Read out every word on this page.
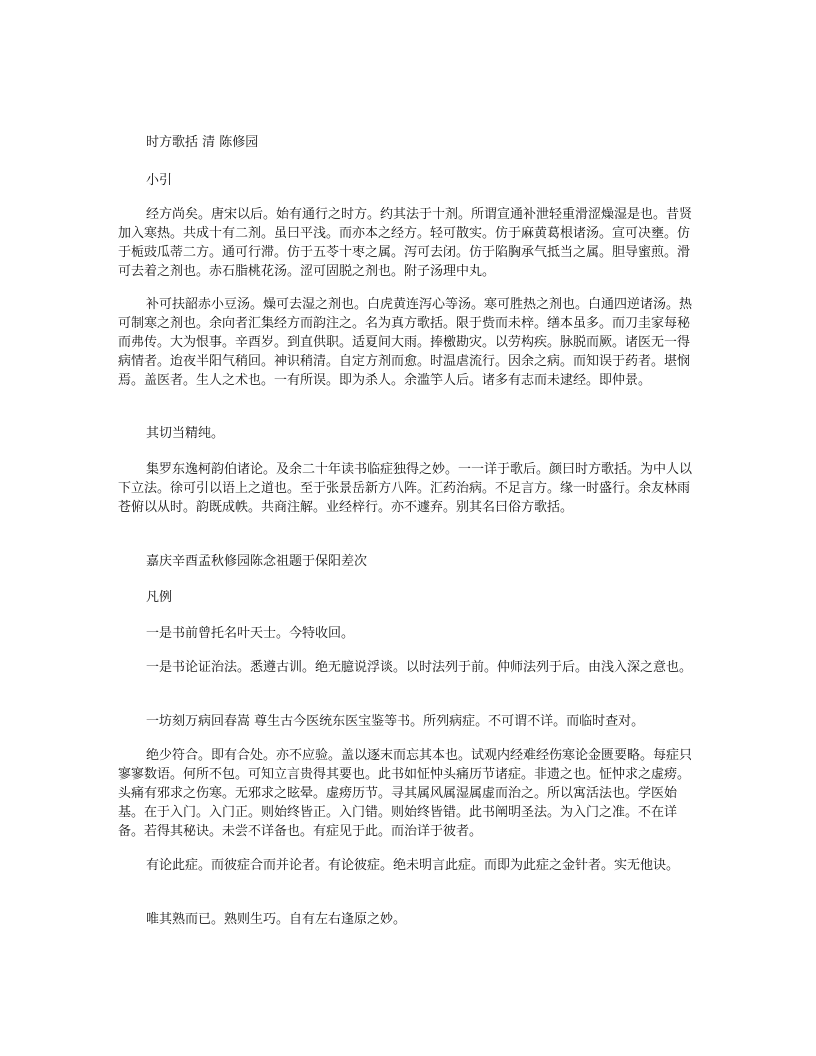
时方歌括 清 陈修园

小引

经方尚矣。唐宋以后。始有通行之时方。约其法于十剂。所谓宣通补泄轻重滑涩燥湿是也。昔贤加入寒热。共成十有二剂。虽曰平浅。而亦本之经方。轻可散实。仿于麻黄葛根诸汤。宣可决壅。仿于栀豉瓜蒂二方。通可行滞。仿于五苓十枣之属。泻可去闭。仿于陷胸承气抵当之属。胆导蜜煎。滑可去着之剂也。赤石脂桃花汤。涩可固脱之剂也。附子汤理中丸。

补可扶韶赤小豆汤。燥可去湿之剂也。白虎黄连泻心等汤。寒可胜热之剂也。白通四逆诸汤。热可制寒之剂也。余向者汇集经方而韵注之。名为真方歌括。限于赀而未梓。缮本虽多。而刀圭家每秘而弗传。大为恨事。辛酉岁。到直供职。适夏间大雨。捧檄勘灾。以劳构疾。脉脱而厥。诸医无一得病情者。迨夜半阳气稍回。神识稍清。自定方剂而愈。时温虐流行。因余之病。而知误于药者。堪悯焉。盖医者。生人之术也。一有所误。即为杀人。余滥竽人后。诸多有志而未逮经。即仲景。

其切当精纯。

集罗东逸柯韵伯诸论。及余二十年读书临症独得之妙。一一详于歌后。颜曰时方歌括。为中人以下立法。徐可引以语上之道也。至于张景岳新方八阵。汇药治病。不足言方。缘一时盛行。余友林雨苍俯以从时。韵既成帙。共商注解。业经梓行。亦不遽弃。别其名曰俗方歌括。

嘉庆辛酉孟秋修园陈念祖题于保阳差次

凡例

一是书前曾托名叶天士。今特收回。

一是书论证治法。悉遵古训。绝无臆说浮谈。以时法列于前。仲师法列于后。由浅入深之意也。

一坊刻万病回春嵩 尊生古今医统东医宝鉴等书。所列病症。不可谓不详。而临时查对。

绝少符合。即有合处。亦不应验。盖以逐末而忘其本也。试观内经难经伤寒论金匮要略。每症只寥寥数语。何所不包。可知立言贵得其要也。此书如怔忡头痛历节诸症。非遗之也。怔忡求之虚痨。头痛有邪求之伤寒。无邪求之眩晕。虚痨历节。寻其属风属湿属虚而治之。所以寓活法也。学医始基。在于入门。入门正。则始终皆正。入门错。则始终皆错。此书阐明圣法。为入门之准。不在详备。若得其秘诀。未尝不详备也。有症见于此。而治详于彼者。

有论此症。而彼症合而并论者。有论彼症。绝未明言此症。而即为此症之金针者。实无他诀。

唯其熟而已。熟则生巧。自有左右逢原之妙。
